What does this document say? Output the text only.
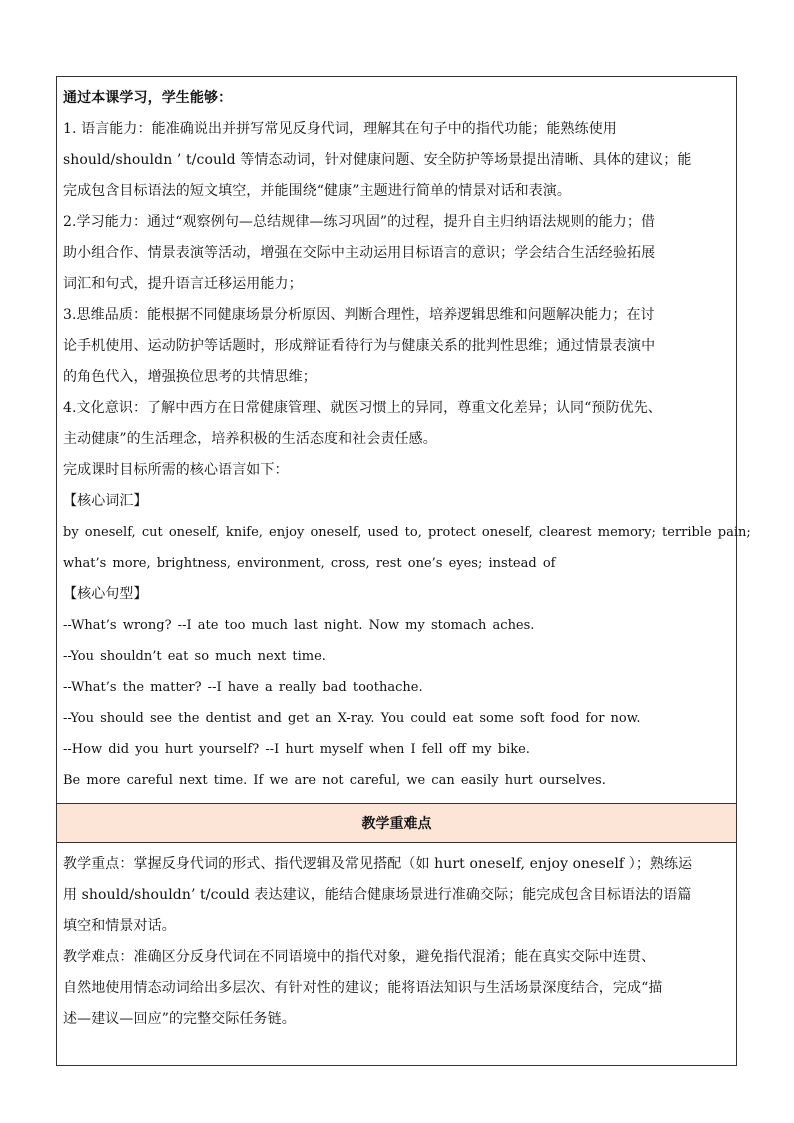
通过本课学习，学生能够：
1. 语言能力：能准确说出并拼写常见反身代词，理解其在句子中的指代功能；能熟练使用
should/shouldn ’ t/could 等情态动词，针对健康问题、安全防护等场景提出清晰、具体的建议；能
完成包含目标语法的短文填空，并能围绕“健康”主题进行简单的情景对话和表演。
2.学习能力：通过“观察例句—总结规律—练习巩固”的过程，提升自主归纳语法规则的能力；借
助小组合作、情景表演等活动，增强在交际中主动运用目标语言的意识；学会结合生活经验拓展
词汇和句式，提升语言迁移运用能力；
3.思维品质：能根据不同健康场景分析原因、判断合理性，培养逻辑思维和问题解决能力；在讨
论手机使用、运动防护等话题时，形成辩证看待行为与健康关系的批判性思维；通过情景表演中
的角色代入，增强换位思考的共情思维；
4.文化意识：了解中西方在日常健康管理、就医习惯上的异同，尊重文化差异；认同“预防优先、
主动健康”的生活理念，培养积极的生活态度和社会责任感。
完成课时目标所需的核心语言如下：
【核心词汇】
by oneself, cut oneself, knife, enjoy oneself, used to, protect oneself, clearest memory; terrible pain;
what’s more, brightness, environment, cross, rest one’s eyes; instead of
【核心句型】
--What’s wrong? --I ate too much last night. Now my stomach aches.
--You shouldn’t eat so much next time.
--What’s the matter? --I have a really bad toothache.
--You should see the dentist and get an X-ray. You could eat some soft food for now.
--How did you hurt yourself? --I hurt myself when I fell off my bike.
Be more careful next time. If we are not careful, we can easily hurt ourselves.
教学重难点
教学重点：掌握反身代词的形式、指代逻辑及常见搭配（如 hurt oneself, enjoy oneself ）；熟练运
用 should/shouldn’ t/could 表达建议，能结合健康场景进行准确交际；能完成包含目标语法的语篇
填空和情景对话。
教学难点：准确区分反身代词在不同语境中的指代对象，避免指代混淆；能在真实交际中连贯、
自然地使用情态动词给出多层次、有针对性的建议；能将语法知识与生活场景深度结合，完成“描
述—建议—回应”的完整交际任务链。
